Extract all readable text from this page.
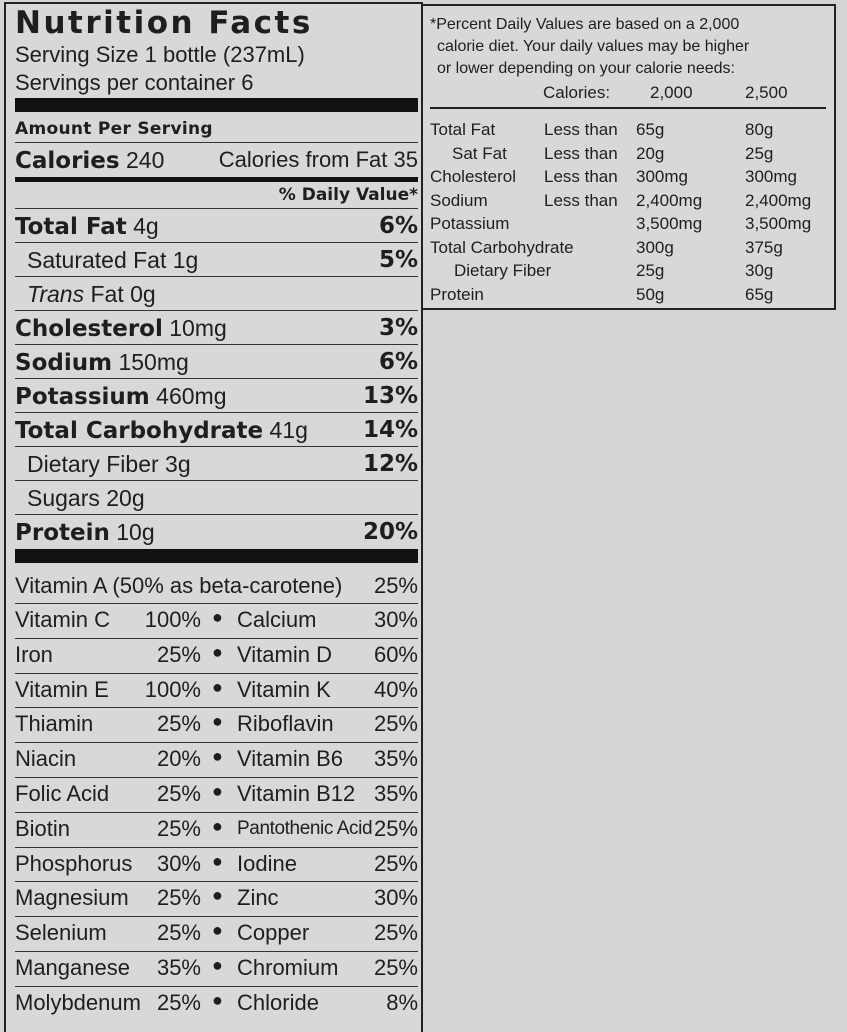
Nutrition Facts
Serving Size 1 bottle (237mL)
Servings per container 6
Amount Per Serving
Calories 240	Calories from Fat 35
% Daily Value*
Total Fat 4g	6%
Saturated Fat 1g	5%
Trans Fat 0g
Cholesterol 10mg	3%
Sodium 150mg	6%
Potassium 460mg	13%
Total Carbohydrate 41g	14%
Dietary Fiber 3g	12%
Sugars 20g
Protein 10g	20%
Vitamin A (50% as beta-carotene)	25%
Vitamin C 100% ● Calcium	30%
Iron	25% ● Vitamin D 60%
Vitamin E 100% ● Vitamin K 40%
Thiamin	25% ● Riboflavin 25%
Niacin	20% ● Vitamin B6 35%
Folic Acid 25% ● Vitamin B12 35%
Biotin	25% ● Pantothenic Acid 25%
Phosphorus 30% ● Iodine	25%
Magnesium 25% ● Zinc	30%
Selenium 25% ● Copper	25%
Manganese 35% ● Chromium 25%
Molybdenum 25% ● Chloride	8%
*Percent Daily Values are based on a 2,000
calorie diet. Your daily values may be higher
or lower depending on your calorie needs:
Calories: 2,000	2,500
Total Fat	Less than 65g	80g
Sat Fat Less than 20g	25g
Cholesterol Less than 300mg	300mg
Sodium	Less than 2,400mg	2,400mg
Potassium	3,500mg	3,500mg
Total Carbohydrate	300g	375g
Dietary Fiber	25g	30g
Protein	50g	65g
